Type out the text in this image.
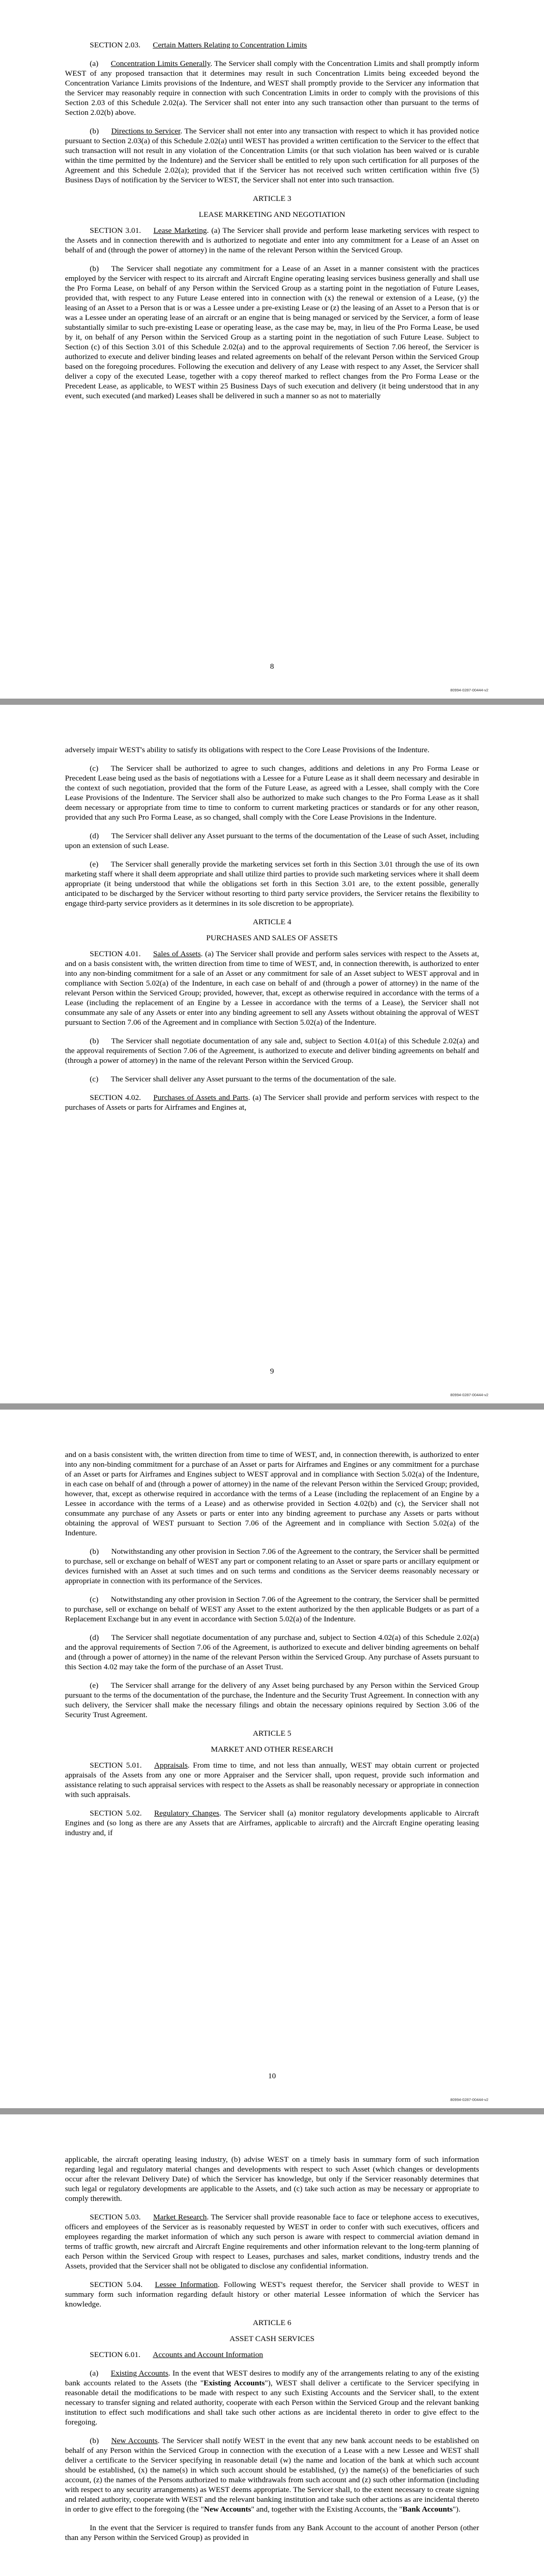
SECTION 2.03. Certain Matters Relating to Concentration Limits

(a) Concentration Limits Generally. The Servicer shall comply with the Concentration Limits and shall promptly inform WEST of any proposed transaction that it determines may result in such Concentration Limits being exceeded beyond the Concentration Variance Limits provisions of the Indenture, and WEST shall promptly provide to the Servicer any information that the Servicer may reasonably require in connection with such Concentration Limits in order to comply with the provisions of this Section 2.03 of this Schedule 2.02(a). The Servicer shall not enter into any such transaction other than pursuant to the terms of Section 2.02(b) above.

(b) Directions to Servicer. The Servicer shall not enter into any transaction with respect to which it has provided notice pursuant to Section 2.03(a) of this Schedule 2.02(a) until WEST has provided a written certification to the Servicer to the effect that such transaction will not result in any violation of the Concentration Limits (or that such violation has been waived or is curable within the time permitted by the Indenture) and the Servicer shall be entitled to rely upon such certification for all purposes of the Agreement and this Schedule 2.02(a); provided that if the Servicer has not received such written certification within five (5) Business Days of notification by the Servicer to WEST, the Servicer shall not enter into such transaction.

ARTICLE 3

LEASE MARKETING AND NEGOTIATION

SECTION 3.01. Lease Marketing. (a) The Servicer shall provide and perform lease marketing services with respect to the Assets and in connection therewith and is authorized to negotiate and enter into any commitment for a Lease of an Asset on behalf of and (through the power of attorney) in the name of the relevant Person within the Serviced Group.

(b) The Servicer shall negotiate any commitment for a Lease of an Asset in a manner consistent with the practices employed by the Servicer with respect to its aircraft and Aircraft Engine operating leasing services business generally and shall use the Pro Forma Lease, on behalf of any Person within the Serviced Group as a starting point in the negotiation of Future Leases, provided that, with respect to any Future Lease entered into in connection with (x) the renewal or extension of a Lease, (y) the leasing of an Asset to a Person that is or was a Lessee under a pre-existing Lease or (z) the leasing of an Asset to a Person that is or was a Lessee under an operating lease of an aircraft or an engine that is being managed or serviced by the Servicer, a form of lease substantially similar to such pre-existing Lease or operating lease, as the case may be, may, in lieu of the Pro Forma Lease, be used by it, on behalf of any Person within the Serviced Group as a starting point in the negotiation of such Future Lease. Subject to Section (c) of this Section 3.01 of this Schedule 2.02(a) and to the approval requirements of Section 7.06 hereof, the Servicer is authorized to execute and deliver binding leases and related agreements on behalf of the relevant Person within the Serviced Group based on the foregoing procedures. Following the execution and delivery of any Lease with respect to any Asset, the Servicer shall deliver a copy of the executed Lease, together with a copy thereof marked to reflect changes from the Pro Forma Lease or the Precedent Lease, as applicable, to WEST within 25 Business Days of such execution and delivery (it being understood that in any event, such executed (and marked) Leases shall be delivered in such a manner so as not to materially

8
80994-0287-00444-v2

adversely impair WEST's ability to satisfy its obligations with respect to the Core Lease Provisions of the Indenture.

(c) The Servicer shall be authorized to agree to such changes, additions and deletions in any Pro Forma Lease or Precedent Lease being used as the basis of negotiations with a Lessee for a Future Lease as it shall deem necessary and desirable in the context of such negotiation, provided that the form of the Future Lease, as agreed with a Lessee, shall comply with the Core Lease Provisions of the Indenture. The Servicer shall also be authorized to make such changes to the Pro Forma Lease as it shall deem necessary or appropriate from time to time to conform to current marketing practices or standards or for any other reason, provided that any such Pro Forma Lease, as so changed, shall comply with the Core Lease Provisions in the Indenture.

(d) The Servicer shall deliver any Asset pursuant to the terms of the documentation of the Lease of such Asset, including upon an extension of such Lease.

(e) The Servicer shall generally provide the marketing services set forth in this Section 3.01 through the use of its own marketing staff where it shall deem appropriate and shall utilize third parties to provide such marketing services where it shall deem appropriate (it being understood that while the obligations set forth in this Section 3.01 are, to the extent possible, generally anticipated to be discharged by the Servicer without resorting to third party service providers, the Servicer retains the flexibility to engage third-party service providers as it determines in its sole discretion to be appropriate).

ARTICLE 4

PURCHASES AND SALES OF ASSETS

SECTION 4.01. Sales of Assets. (a) The Servicer shall provide and perform sales services with respect to the Assets at, and on a basis consistent with, the written direction from time to time of WEST, and, in connection therewith, is authorized to enter into any non-binding commitment for a sale of an Asset or any commitment for sale of an Asset subject to WEST approval and in compliance with Section 5.02(a) of the Indenture, in each case on behalf of and (through a power of attorney) in the name of the relevant Person within the Serviced Group; provided, however, that, except as otherwise required in accordance with the terms of a Lease (including the replacement of an Engine by a Lessee in accordance with the terms of a Lease), the Servicer shall not consummate any sale of any Assets or enter into any binding agreement to sell any Assets without obtaining the approval of WEST pursuant to Section 7.06 of the Agreement and in compliance with Section 5.02(a) of the Indenture.

(b) The Servicer shall negotiate documentation of any sale and, subject to Section 4.01(a) of this Schedule 2.02(a) and the approval requirements of Section 7.06 of the Agreement, is authorized to execute and deliver binding agreements on behalf and (through a power of attorney) in the name of the relevant Person within the Serviced Group.

(c) The Servicer shall deliver any Asset pursuant to the terms of the documentation of the sale.

SECTION 4.02. Purchases of Assets and Parts. (a) The Servicer shall provide and perform services with respect to the purchases of Assets or parts for Airframes and Engines at,

9
80994-0287-00444-v2

and on a basis consistent with, the written direction from time to time of WEST, and, in connection therewith, is authorized to enter into any non-binding commitment for a purchase of an Asset or parts for Airframes and Engines or any commitment for a purchase of an Asset or parts for Airframes and Engines subject to WEST approval and in compliance with Section 5.02(a) of the Indenture, in each case on behalf of and (through a power of attorney) in the name of the relevant Person within the Serviced Group; provided, however, that, except as otherwise required in accordance with the terms of a Lease (including the replacement of an Engine by a Lessee in accordance with the terms of a Lease) and as otherwise provided in Section 4.02(b) and (c), the Servicer shall not consummate any purchase of any Assets or parts or enter into any binding agreement to purchase any Assets or parts without obtaining the approval of WEST pursuant to Section 7.06 of the Agreement and in compliance with Section 5.02(a) of the Indenture.

(b) Notwithstanding any other provision in Section 7.06 of the Agreement to the contrary, the Servicer shall be permitted to purchase, sell or exchange on behalf of WEST any part or component relating to an Asset or spare parts or ancillary equipment or devices furnished with an Asset at such times and on such terms and conditions as the Servicer deems reasonably necessary or appropriate in connection with its performance of the Services.

(c) Notwithstanding any other provision in Section 7.06 of the Agreement to the contrary, the Servicer shall be permitted to purchase, sell or exchange on behalf of WEST any Asset to the extent authorized by the then applicable Budgets or as part of a Replacement Exchange but in any event in accordance with Section 5.02(a) of the Indenture.

(d) The Servicer shall negotiate documentation of any purchase and, subject to Section 4.02(a) of this Schedule 2.02(a) and the approval requirements of Section 7.06 of the Agreement, is authorized to execute and deliver binding agreements on behalf and (through a power of attorney) in the name of the relevant Person within the Serviced Group. Any purchase of Assets pursuant to this Section 4.02 may take the form of the purchase of an Asset Trust.

(e) The Servicer shall arrange for the delivery of any Asset being purchased by any Person within the Serviced Group pursuant to the terms of the documentation of the purchase, the Indenture and the Security Trust Agreement. In connection with any such delivery, the Servicer shall make the necessary filings and obtain the necessary opinions required by Section 3.06 of the Security Trust Agreement.

ARTICLE 5

MARKET AND OTHER RESEARCH

SECTION 5.01. Appraisals. From time to time, and not less than annually, WEST may obtain current or projected appraisals of the Assets from any one or more Appraiser and the Servicer shall, upon request, provide such information and assistance relating to such appraisal services with respect to the Assets as shall be reasonably necessary or appropriate in connection with such appraisals.

SECTION 5.02. Regulatory Changes. The Servicer shall (a) monitor regulatory developments applicable to Aircraft Engines and (so long as there are any Assets that are Airframes, applicable to aircraft) and the Aircraft Engine operating leasing industry and, if

10
80994-0287-00444-v2

applicable, the aircraft operating leasing industry, (b) advise WEST on a timely basis in summary form of such information regarding legal and regulatory material changes and developments with respect to such Asset (which changes or developments occur after the relevant Delivery Date) of which the Servicer has knowledge, but only if the Servicer reasonably determines that such legal or regulatory developments are applicable to the Assets, and (c) take such action as may be necessary or appropriate to comply therewith.

SECTION 5.03. Market Research. The Servicer shall provide reasonable face to face or telephone access to executives, officers and employees of the Servicer as is reasonably requested by WEST in order to confer with such executives, officers and employees regarding the market information of which any such person is aware with respect to commercial aviation demand in terms of traffic growth, new aircraft and Aircraft Engine requirements and other information relevant to the long-term planning of each Person within the Serviced Group with respect to Leases, purchases and sales, market conditions, industry trends and the Assets, provided that the Servicer shall not be obligated to disclose any confidential information.

SECTION 5.04. Lessee Information. Following WEST's request therefor, the Servicer shall provide to WEST in summary form such information regarding default history or other material Lessee information of which the Servicer has knowledge.

ARTICLE 6

ASSET CASH SERVICES

SECTION 6.01. Accounts and Account Information

(a) Existing Accounts. In the event that WEST desires to modify any of the arrangements relating to any of the existing bank accounts related to the Assets (the "Existing Accounts"), WEST shall deliver a certificate to the Servicer specifying in reasonable detail the modifications to be made with respect to any such Existing Accounts and the Servicer shall, to the extent necessary to transfer signing and related authority, cooperate with each Person within the Serviced Group and the relevant banking institution to effect such modifications and shall take such other actions as are incidental thereto in order to give effect to the foregoing.

(b) New Accounts. The Servicer shall notify WEST in the event that any new bank account needs to be established on behalf of any Person within the Serviced Group in connection with the execution of a Lease with a new Lessee and WEST shall deliver a certificate to the Servicer specifying in reasonable detail (w) the name and location of the bank at which such account should be established, (x) the name(s) in which such account should be established, (y) the name(s) of the beneficiaries of such account, (z) the names of the Persons authorized to make withdrawals from such account and (z) such other information (including with respect to any security arrangements) as WEST deems appropriate. The Servicer shall, to the extent necessary to create signing and related authority, cooperate with WEST and the relevant banking institution and take such other actions as are incidental thereto in order to give effect to the foregoing (the "New Accounts" and, together with the Existing Accounts, the "Bank Accounts").

In the event that the Servicer is required to transfer funds from any Bank Account to the account of another Person (other than any Person within the Serviced Group) as provided in
